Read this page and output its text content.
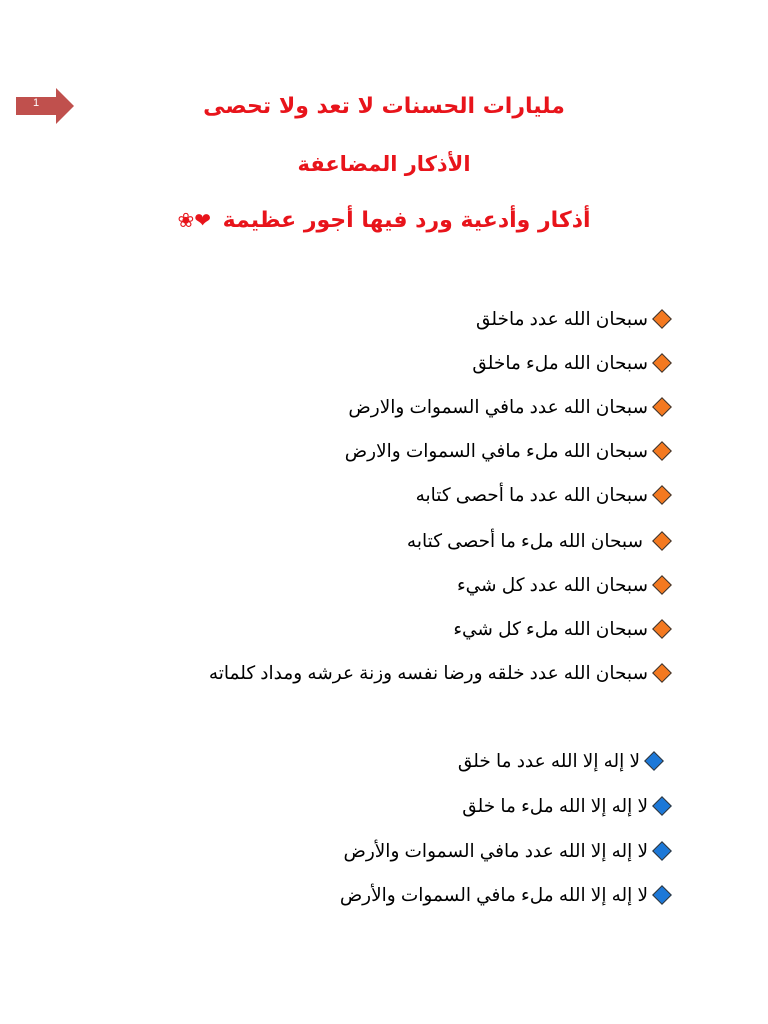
1	مليارات الحسنات لا تعد ولا تحصى
الأذكار المضاعفة
أذكار وأدعية ورد فيها أجور عظيمة ❤❀
سبحان الله عدد ماخلق
سبحان الله ملء ماخلق
سبحان الله عدد مافي السموات والارض
سبحان الله ملء مافي السموات والارض
سبحان الله عدد ما أحصى كتابه
سبحان الله ملء ما أحصى كتابه
سبحان الله عدد كل شيء
سبحان الله ملء كل شيء
سبحان الله عدد خلقه ورضا نفسه وزنة عرشه ومداد كلماته
لا إله إلا الله عدد ما خلق
لا إله إلا الله ملء ما خلق
لا إله إلا الله عدد مافي السموات والأرض
لا إله إلا الله ملء مافي السموات والأرض
